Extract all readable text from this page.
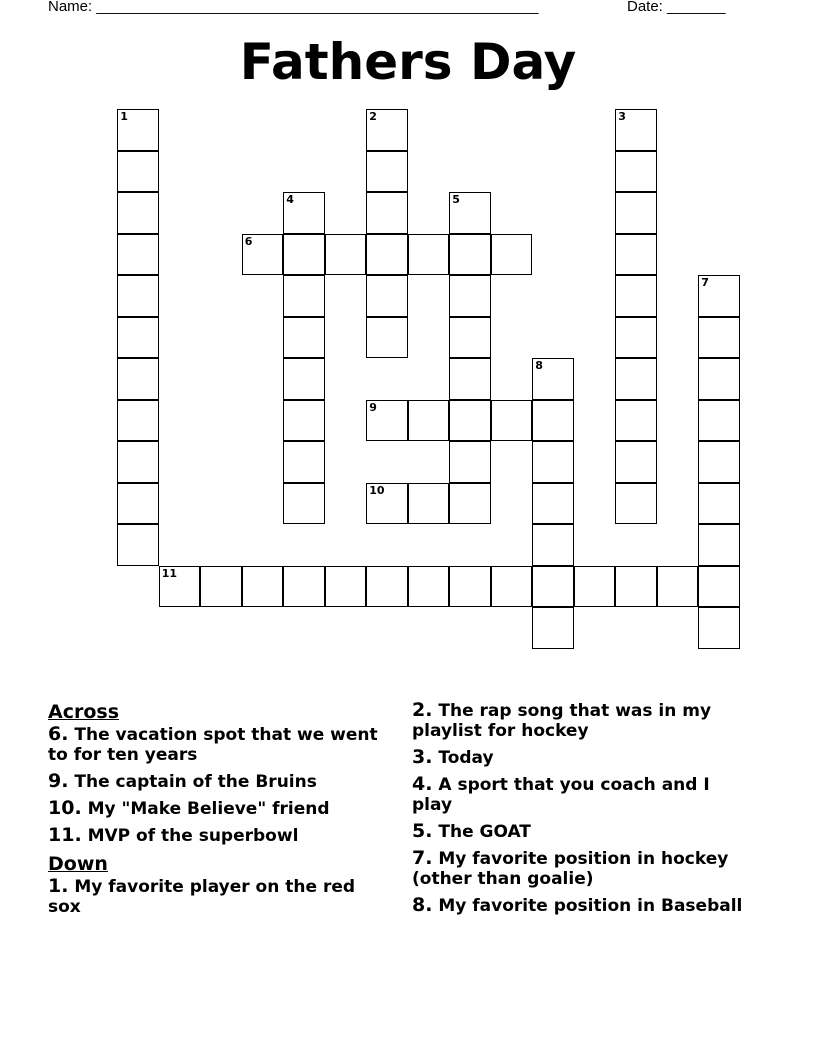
Name: _____________________________________________________	Date: _______
Fathers Day
1	2	3
4	5
6
7
8
9
10
11
Across
6. The vacation spot that we went to for ten years
9. The captain of the Bruins
10. My "Make Believe" friend
11. MVP of the superbowl
Down
1. My favorite player on the red sox
2. The rap song that was in my playlist for hockey
3. Today
4. A sport that you coach and I play
5. The GOAT
7. My favorite position in hockey (other than goalie)
8. My favorite position in Baseball
